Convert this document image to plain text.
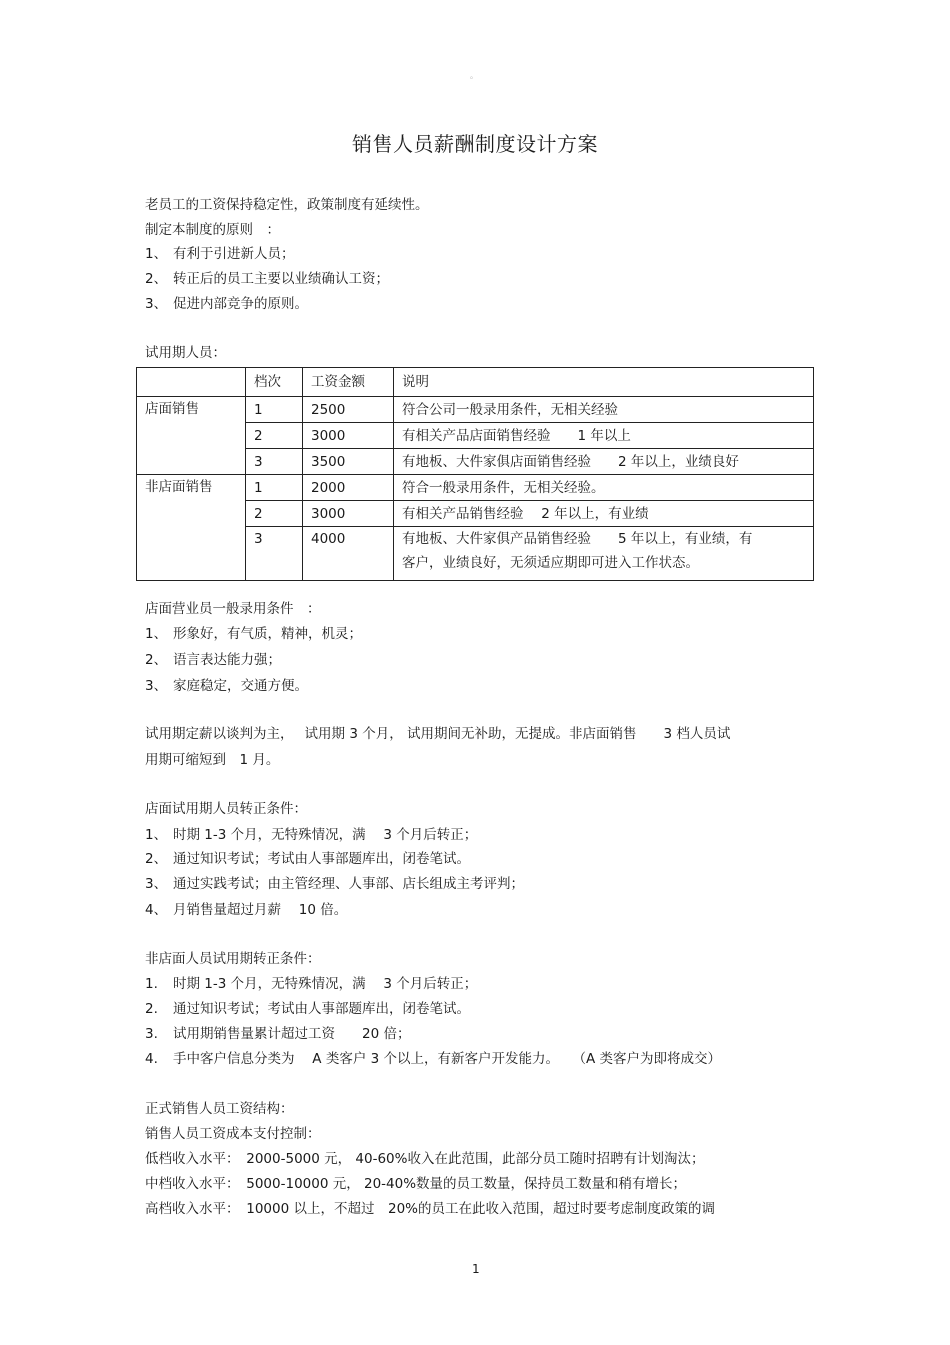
。
销售人员薪酬制度设计方案
老员工的工资保持稳定性，政策制度有延续性。
制定本制度的原则　：
1、 有利于引进新人员；
2、 转正后的员工主要以业绩确认工资；
3、 促进内部竞争的原则。
试用期人员：
	档次	工资金额	说明
店面销售	1	2500	符合公司一般录用条件，无相关经验
	2	3000	有相关产品店面销售经验　　1 年以上
	3	3500	有地板、大件家俱店面销售经验　　2 年以上，业绩良好
非店面销售	1	2000	符合一般录用条件，无相关经验。
	2	3000	有相关产品销售经验　 2 年以上，有业绩
	3	4000	有地板、大件家俱产品销售经验　　5 年以上，有业绩，有
客户，业绩良好，无须适应期即可进入工作状态。
店面营业员一般录用条件　：
1、 形象好，有气质，精神，机灵；
2、 语言表达能力强；
3、 家庭稳定，交通方便。
试用期定薪以谈判为主，　 试用期 3 个月， 试用期间无补助，无提成。非店面销售　　3 档人员试
用期可缩短到　1 月。
店面试用期人员转正条件：
1、 时期 1-3 个月，无特殊情况，满　 3 个月后转正；
2、 通过知识考试；考试由人事部题库出，闭卷笔试。
3、 通过实践考试；由主管经理、人事部、店长组成主考评判；
4、 月销售量超过月薪　 10 倍。
非店面人员试用期转正条件：
1. 时期 1-3 个月，无特殊情况，满　 3 个月后转正；
2. 通过知识考试；考试由人事部题库出，闭卷笔试。
3. 试用期销售量累计超过工资　　20 倍；
4. 手中客户信息分类为　 A 类客户 3 个以上，有新客户开发能力。　　（A 类客户为即将成交）
正式销售人员工资结构：
销售人员工资成本支付控制：
低档收入水平：　2000-5000 元， 40-60%收入在此范围，此部分员工随时招聘有计划淘汰；
中档收入水平：　5000-10000 元， 20-40%数量的员工数量，保持员工数量和稍有增长；
高档收入水平：　10000 以上，不超过　20%的员工在此收入范围，超过时要考虑制度政策的调
1
